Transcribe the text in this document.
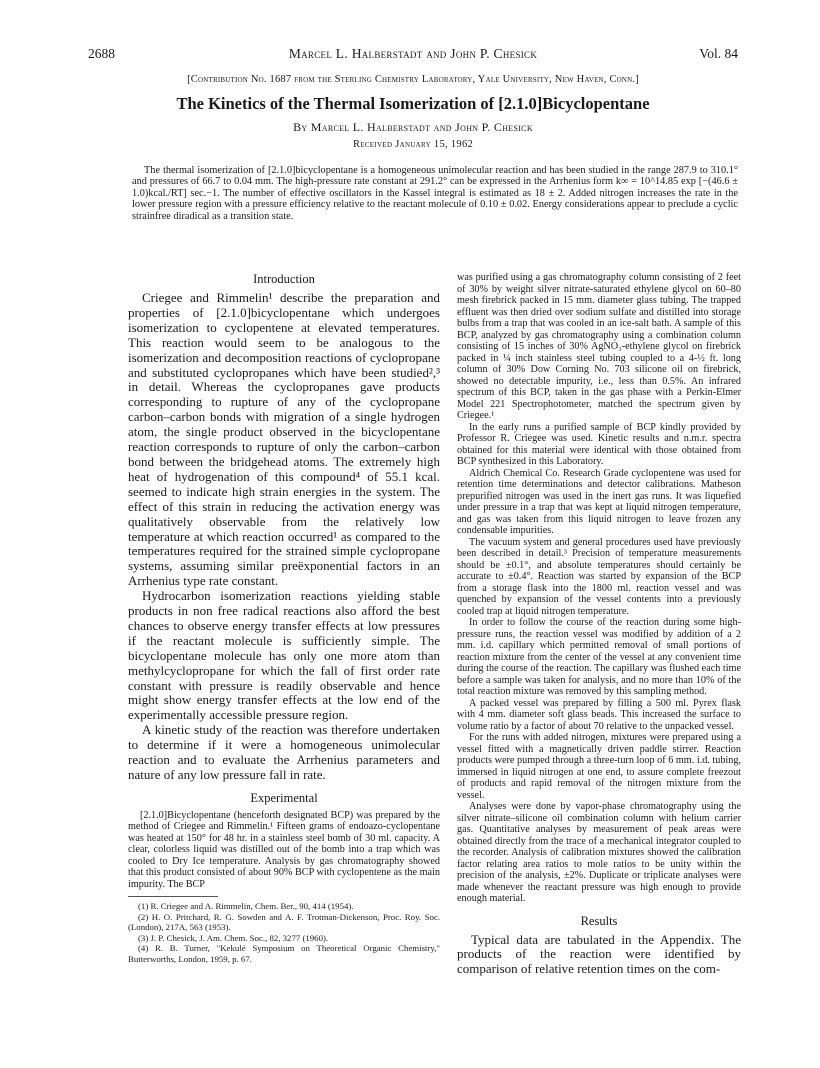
2688	Marcel L. Halberstadt and John P. Chesick	Vol. 84
[Contribution No. 1687 from the Sterling Chemistry Laboratory, Yale University, New Haven, Conn.]
The Kinetics of the Thermal Isomerization of [2.1.0]Bicyclopentane
By Marcel L. Halberstadt and John P. Chesick
Received January 15, 1962

The thermal isomerization of [2.1.0]bicyclopentane is a homogeneous unimolecular reaction and has been studied in the range 287.9 to 310.1° and pressures of 66.7 to 0.04 mm. The high-pressure rate constant at 291.2° can be expressed in the Arrhenius form k∞ = 10^14.85 exp [−(46.6 ± 1.0)kcal./RT] sec.−1. The number of effective oscillators in the Kassel integral is estimated as 18 ± 2. Added nitrogen increases the rate in the lower pressure region with a pressure efficiency relative to the reactant molecule of 0.10 ± 0.02. Energy considerations appear to preclude a cyclic strainfree diradical as a transition state.

Introduction

Criegee and Rimmelin¹ describe the preparation and properties of [2.1.0]bicyclopentane which undergoes isomerization to cyclopentene at elevated temperatures. This reaction would seem to be analogous to the isomerization and decomposition reactions of cyclopropane and substituted cyclopropanes which have been studied²,³ in detail. Whereas the cyclopropanes gave products corresponding to rupture of any of the cyclopropane carbon–carbon bonds with migration of a single hydrogen atom, the single product observed in the bicyclopentane reaction corresponds to rupture of only the carbon–carbon bond between the bridgehead atoms. The extremely high heat of hydrogenation of this compound⁴ of 55.1 kcal. seemed to indicate high strain energies in the system. The effect of this strain in reducing the activation energy was qualitatively observable from the relatively low temperature at which reaction occurred¹ as compared to the temperatures required for the strained simple cyclopropane systems, assuming similar preëxponential factors in an Arrhenius type rate constant.

Hydrocarbon isomerization reactions yielding stable products in non free radical reactions also afford the best chances to observe energy transfer effects at low pressures if the reactant molecule is sufficiently simple. The bicyclopentane molecule has only one more atom than methylcyclopropane for which the fall of first order rate constant with pressure is readily observable and hence might show energy transfer effects at the low end of the experimentally accessible pressure region.

A kinetic study of the reaction was therefore undertaken to determine if it were a homogeneous unimolecular reaction and to evaluate the Arrhenius parameters and nature of any low pressure fall in rate.

Experimental

[2.1.0]Bicyclopentane (henceforth designated BCP) was prepared by the method of Criegee and Rimmelin.¹ Fifteen grams of endoazo-cyclopentane was heated at 150° for 48 hr. in a stainless steel bomb of 30 ml. capacity. A clear, colorless liquid was distilled out of the bomb into a trap which was cooled to Dry Ice temperature. Analysis by gas chromatography showed that this product consisted of about 90% BCP with cyclopentene as the main impurity. The BCP

(1) R. Criegee and A. Rimmelin, Chem. Ber., 90, 414 (1954).

(2) H. O. Pritchard, R. G. Sowden and A. F. Trotman-Dickenson, Proc. Roy. Soc. (London), 217A, 563 (1953).

(3) J. P. Chesick, J. Am. Chem. Soc., 82, 3277 (1960).

(4) R. B. Turner, "Kekulé Symposium on Theoretical Organic Chemistry," Butterworths, London, 1959, p. 67.

was purified using a gas chromatography column consisting of 2 feet of 30% by weight silver nitrate-saturated ethylene glycol on 60–80 mesh firebrick packed in 15 mm. diameter glass tubing. The trapped effluent was then dried over sodium sulfate and distilled into storage bulbs from a trap that was cooled in an ice-salt bath. A sample of this BCP, analyzed by gas chromatography using a combination column consisting of 15 inches of 30% AgNO₃-ethylene glycol on firebrick packed in ¼ inch stainless steel tubing coupled to a 4-½ ft. long column of 30% Dow Corning No. 703 silicone oil on firebrick, showed no detectable impurity, i.e., less than 0.5%. An infrared spectrum of this BCP, taken in the gas phase with a Perkin-Elmer Model 221 Spectrophotometer, matched the spectrum given by Criegee.¹

In the early runs a purified sample of BCP kindly provided by Professor R. Criegee was used. Kinetic results and n.m.r. spectra obtained for this material were identical with those obtained from BCP synthesized in this Laboratory.

Aldrich Chemical Co. Research Grade cyclopentene was used for retention time determinations and detector calibrations. Matheson prepurified nitrogen was used in the inert gas runs. It was liquefied under pressure in a trap that was kept at liquid nitrogen temperature, and gas was taken from this liquid nitrogen to leave frozen any condensable impurities.

The vacuum system and general procedures used have previously been described in detail.³ Precision of temperature measurements should be ±0.1°, and absolute temperatures should certainly be accurate to ±0.4°. Reaction was started by expansion of the BCP from a storage flask into the 1800 ml. reaction vessel and was quenched by expansion of the vessel contents into a previously cooled trap at liquid nitrogen temperature.

In order to follow the course of the reaction during some high-pressure runs, the reaction vessel was modified by addition of a 2 mm. i.d. capillary which permitted removal of small portions of reaction mixture from the center of the vessel at any convenient time during the course of the reaction. The capillary was flushed each time before a sample was taken for analysis, and no more than 10% of the total reaction mixture was removed by this sampling method.

A packed vessel was prepared by filling a 500 ml. Pyrex flask with 4 mm. diameter soft glass beads. This increased the surface to volume ratio by a factor of about 70 relative to the unpacked vessel.

For the runs with added nitrogen, mixtures were prepared using a vessel fitted with a magnetically driven paddle stirrer. Reaction products were pumped through a three-turn loop of 6 mm. i.d. tubing, immersed in liquid nitrogen at one end, to assure complete freezout of products and rapid removal of the nitrogen mixture from the vessel.

Analyses were done by vapor-phase chromatography using the silver nitrate–silicone oil combination column with helium carrier gas. Quantitative analyses by measurement of peak areas were obtained directly from the trace of a mechanical integrator coupled to the recorder. Analysis of calibration mixtures showed the calibration factor relating area ratios to mole ratios to be unity within the precision of the analysis, ±2%. Duplicate or triplicate analyses were made whenever the reactant pressure was high enough to provide enough material.

Results

Typical data are tabulated in the Appendix. The products of the reaction were identified by comparison of relative retention times on the com-
